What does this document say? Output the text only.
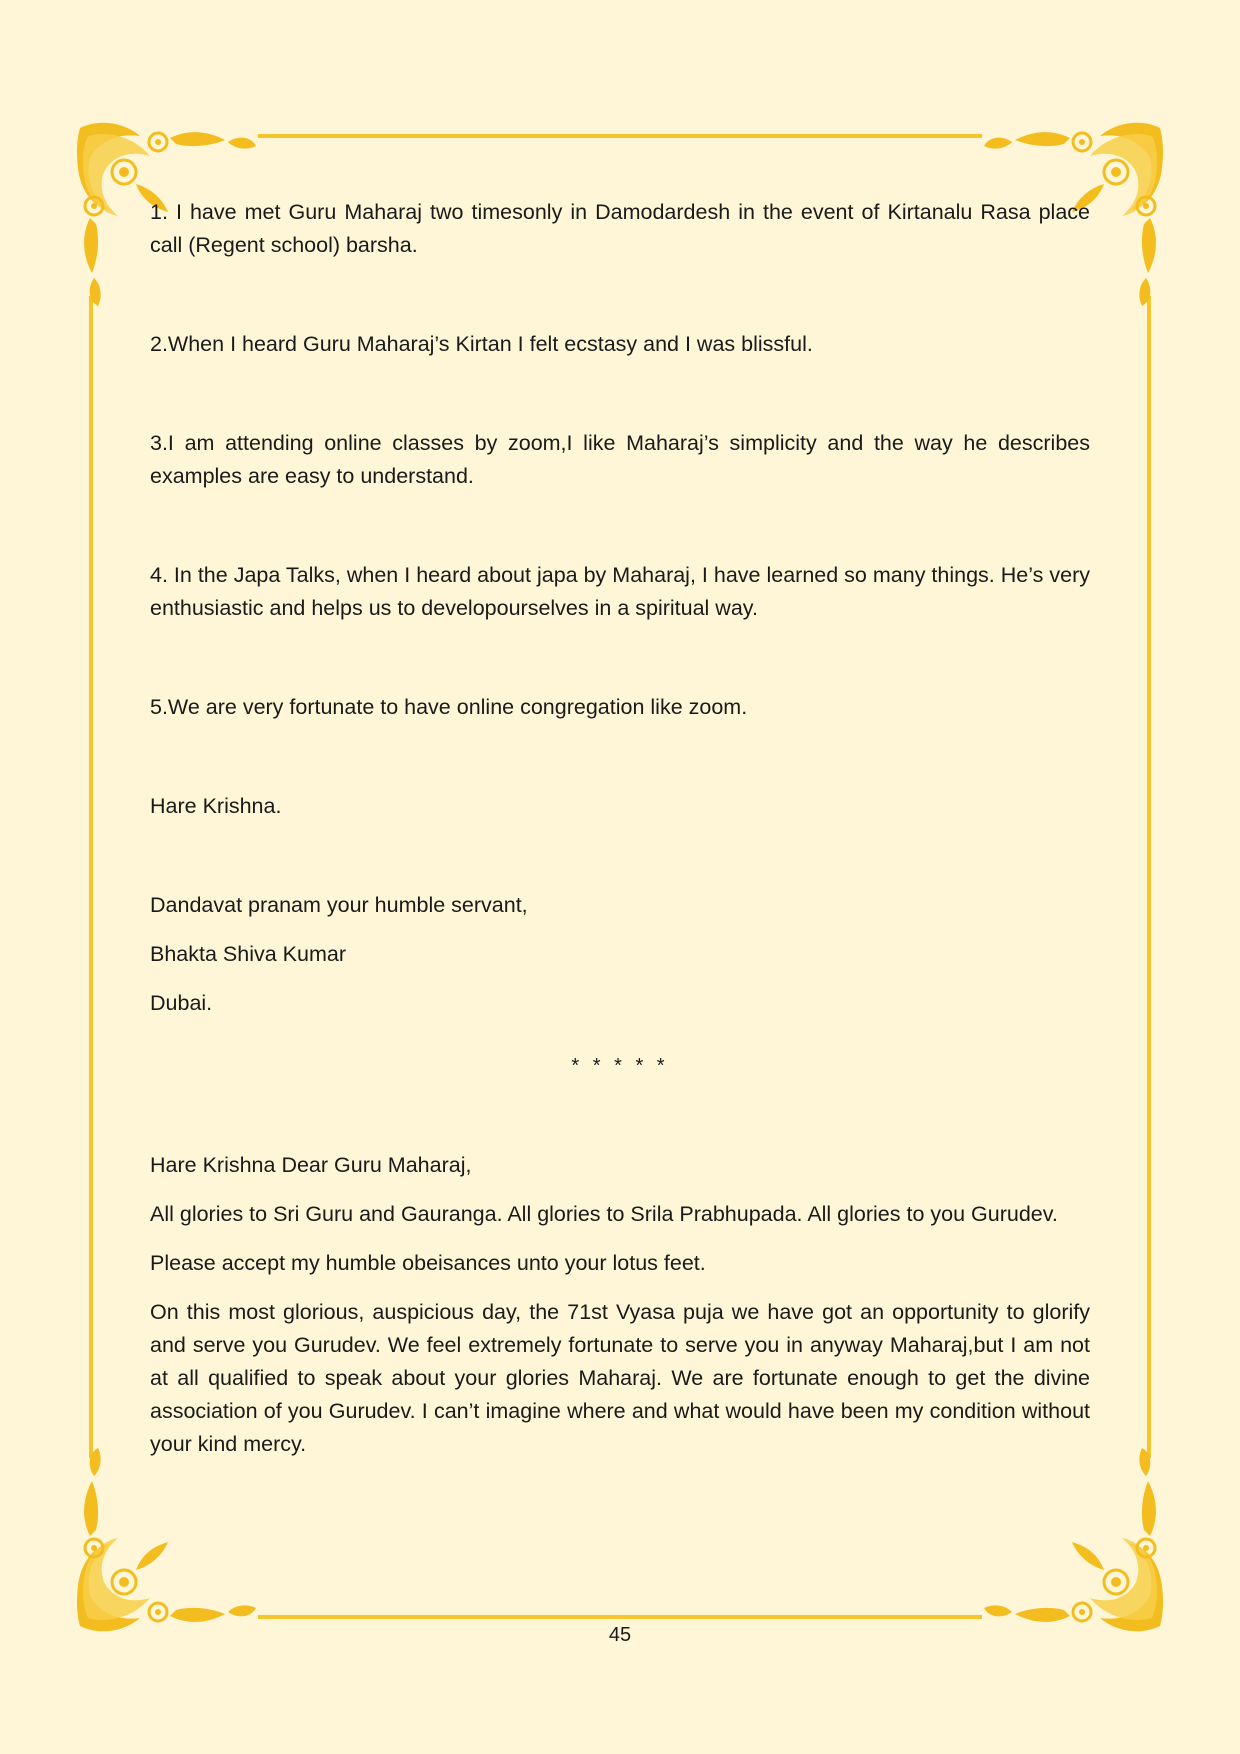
1. I have met Guru Maharaj two timesonly in Damodardesh in the event of Kirtanalu Rasa place call (Regent school) barsha.

2.When I heard Guru Maharaj’s Kirtan I felt ecstasy and I was blissful.

3.I am attending online classes by zoom,I like Maharaj’s simplicity and the way he describes examples are easy to understand.

4. In the Japa Talks, when I heard about japa by Maharaj, I have learned so many things. He’s very enthusiastic and helps us to developourselves in a spiritual way.

5.We are very fortunate to have online congregation like zoom.

Hare Krishna.

Dandavat pranam your humble servant,

Bhakta Shiva Kumar

Dubai.

* * * * *

Hare Krishna Dear Guru Maharaj,

All glories to Sri Guru and Gauranga. All glories to Srila Prabhupada. All glories to you Gurudev.

Please accept my humble obeisances unto your lotus feet.

On this most glorious, auspicious day, the 71st Vyasa puja we have got an opportunity to glorify and serve you Gurudev. We feel extremely fortunate to serve you in anyway Maharaj,but I am not at all qualified to speak about your glories Maharaj. We are fortunate enough to get the divine association of you Gurudev. I can’t imagine where and what would have been my condition without your kind mercy.

45
